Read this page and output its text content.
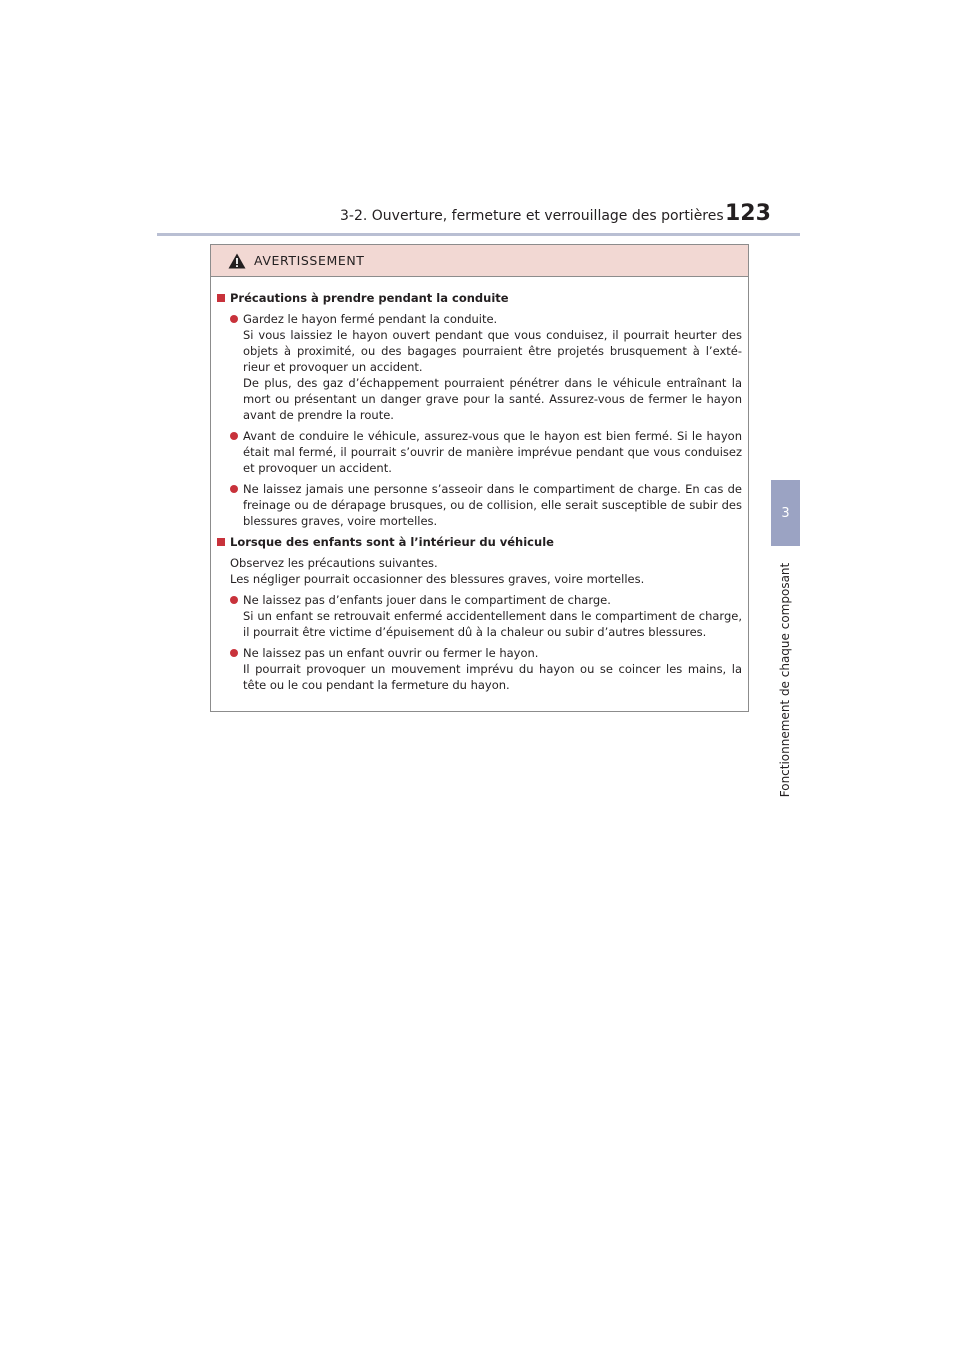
3-2. Ouverture, fermeture et verrouillage des portières 123
3
Fonctionnement de chaque composant
AVERTISSEMENT
Précautions à prendre pendant la conduite

Gardez le hayon fermé pendant la conduite.

Si vous laissiez le hayon ouvert pendant que vous conduisez, il pourrait heurter des objets à proximité, ou des bagages pourraient être projetés brusquement à l’exté-rieur et provoquer un accident.

De plus, des gaz d’échappement pourraient pénétrer dans le véhicule entraînant la mort ou présentant un danger grave pour la santé. Assurez-vous de fermer le hayon avant de prendre la route.

Avant de conduire le véhicule, assurez-vous que le hayon est bien fermé. Si le hayon était mal fermé, il pourrait s’ouvrir de manière imprévue pendant que vous conduisez et provoquer un accident.

Ne laissez jamais une personne s’asseoir dans le compartiment de charge. En cas de freinage ou de dérapage brusques, ou de collision, elle serait susceptible de subir des blessures graves, voire mortelles.

Lorsque des enfants sont à l’intérieur du véhicule
Observez les précautions suivantes.
Les négliger pourrait occasionner des blessures graves, voire mortelles.

Ne laissez pas d’enfants jouer dans le compartiment de charge.

Si un enfant se retrouvait enfermé accidentellement dans le compartiment de charge, il pourrait être victime d’épuisement dû à la chaleur ou subir d’autres blessures.

Ne laissez pas un enfant ouvrir ou fermer le hayon.

Il pourrait provoquer un mouvement imprévu du hayon ou se coincer les mains, la tête ou le cou pendant la fermeture du hayon.
